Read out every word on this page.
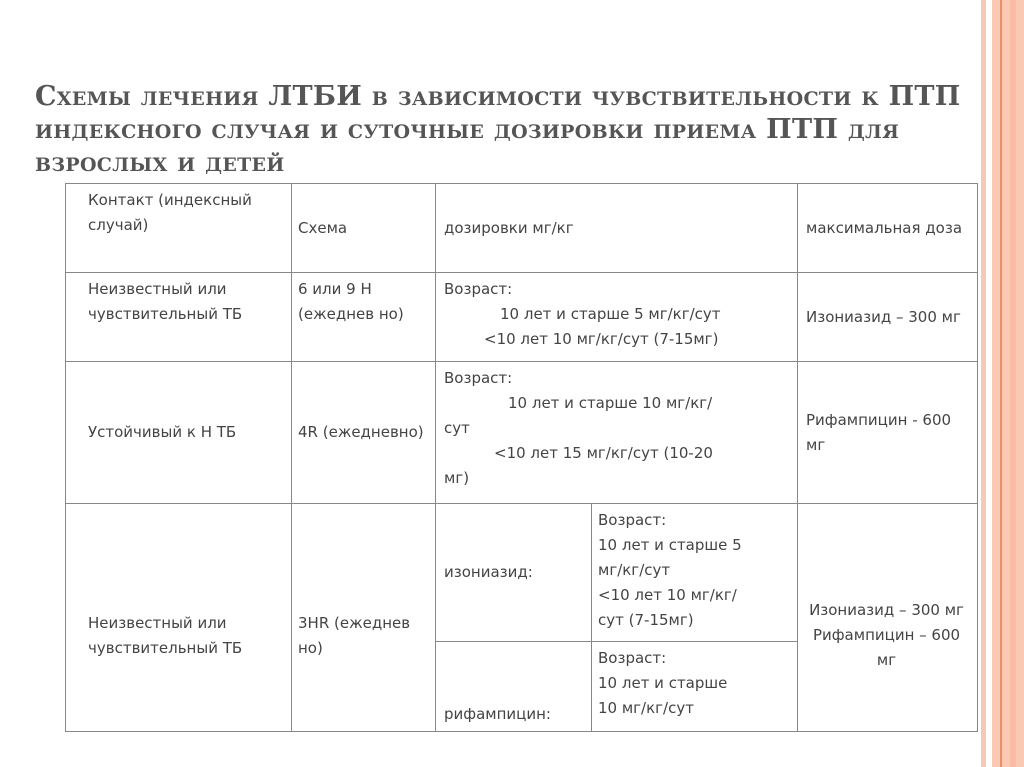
Схемы лечения ЛТБИ в зависимости чувствительности к ПТП индексного случая и суточные дозировки приема ПТП для взрослых и детей
Контакт (индексный случай)	Схема	дозировки мг/кг		максимальная доза
Неизвестный или чувствительный ТБ	6 или 9 Н (ежеднев но)	Возраст:
10 лет и старше 5 мг/кг/сут
<10 лет 10 мг/кг/сут (7-15мг)		Изониазид – 300 мг
Устойчивый к Н ТБ	4R (ежедневно)	Возраст:
10 лет и старше 10 мг/кг/
сут
<10 лет 15 мг/кг/сут (10-20
мг)		Рифампицин - 600 мг
Неизвестный или чувствительный ТБ	3HR (ежеднев но)	изониазид:	Возраст:
10 лет и старше 5
мг/кг/сут
<10 лет 10 мг/кг/
сут (7-15мг)	Изониазид – 300 мг Рифампицин – 600 мг
		рифампицин:	Возраст:
10 лет и старше
10 мг/кг/сут	
